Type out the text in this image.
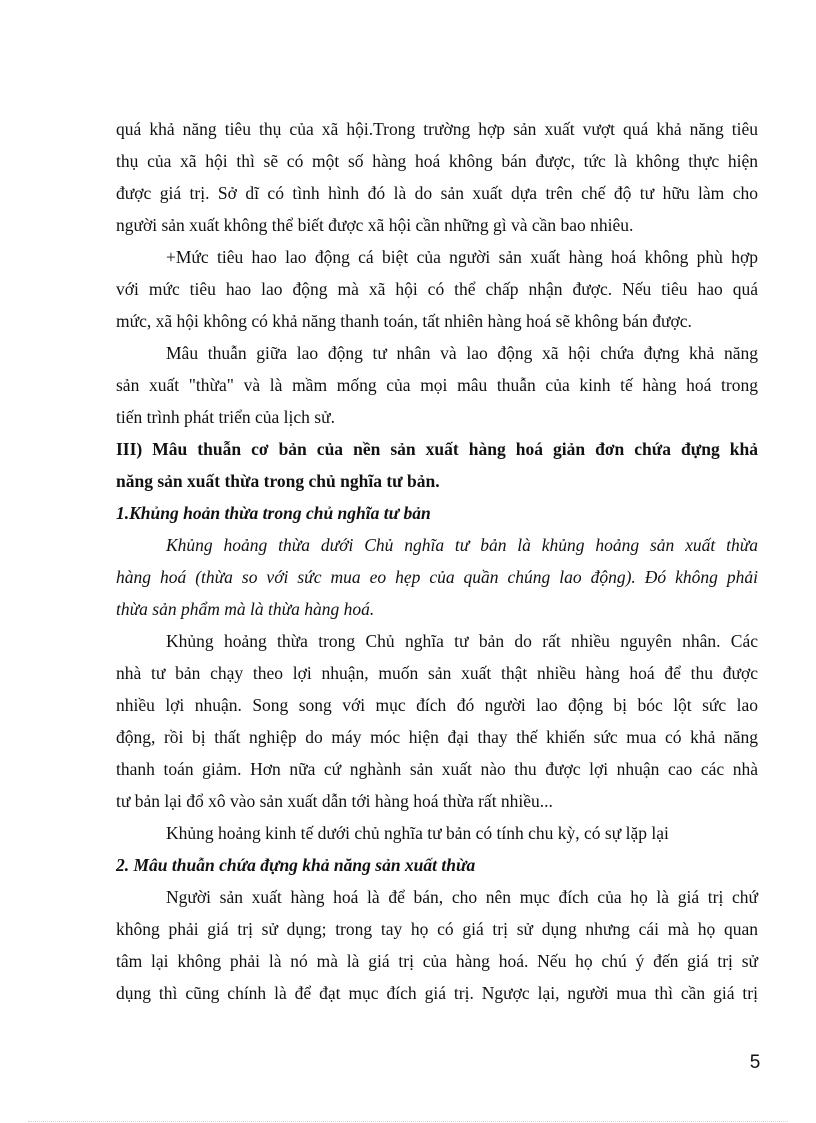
quá khả năng tiêu thụ của xã hội.Trong trường hợp sản xuất vượt quá khả năng tiêu

thụ của xã hội thì sẽ có một số hàng hoá không bán được, tức là không thực hiện

được giá trị. Sở dĩ có tình hình đó là do sản xuất dựa trên chế độ tư hữu làm cho

người sản xuất không thể biết được xã hội cần những gì và cần bao nhiêu.

+Mức tiêu hao lao động cá biệt của người sản xuất hàng hoá không phù hợp

với mức tiêu hao lao động mà xã hội có thể chấp nhận được. Nếu tiêu hao quá

mức, xã hội không có khả năng thanh toán, tất nhiên hàng hoá sẽ không bán được.

Mâu thuẫn giữa lao động tư nhân và lao động xã hội chứa đựng khả năng

sản xuất "thừa" và là mầm mống của mọi mâu thuẫn của kinh tế hàng hoá trong

tiến trình phát triển của lịch sử.

III) Mâu thuẫn cơ bản của nền sản xuất hàng hoá giản đơn chứa đựng khả

năng sản xuất thừa trong chủ nghĩa tư bản.

1.Khủng hoản thừa trong chủ nghĩa tư bản

Khủng hoảng thừa dưới Chủ nghĩa tư bản là khủng hoảng sản xuất thừa

hàng hoá (thừa so với sức mua eo hẹp của quần chúng lao động). Đó không phải

thừa sản phẩm mà là thừa hàng hoá.

Khủng hoảng thừa trong Chủ nghĩa tư bản do rất nhiều nguyên nhân. Các

nhà tư bản chạy theo lợi nhuận, muốn sản xuất thật nhiều hàng hoá để thu được

nhiều lợi nhuận. Song song với mục đích đó người lao động bị bóc lột sức lao

động, rồi bị thất nghiệp do máy móc hiện đại thay thế khiến sức mua có khả năng

thanh toán giảm. Hơn nữa cứ nghành sản xuất nào thu được lợi nhuận cao các nhà

tư bản lại đổ xô vào sản xuất dẫn tới hàng hoá thừa rất nhiều...

Khủng hoảng kinh tế dưới chủ nghĩa tư bản có tính chu kỳ, có sự lặp lại

2. Mâu thuẫn chứa đựng khả năng sản xuất thừa

Người sản xuất hàng hoá là để bán, cho nên mục đích của họ là giá trị chứ

không phải giá trị sử dụng; trong tay họ có giá trị sử dụng nhưng cái mà họ quan

tâm lại không phải là nó mà là giá trị của hàng hoá. Nếu họ chú ý đến giá trị sử

dụng thì cũng chính là để đạt mục đích giá trị. Ngược lại, người mua thì cần giá trị

5
